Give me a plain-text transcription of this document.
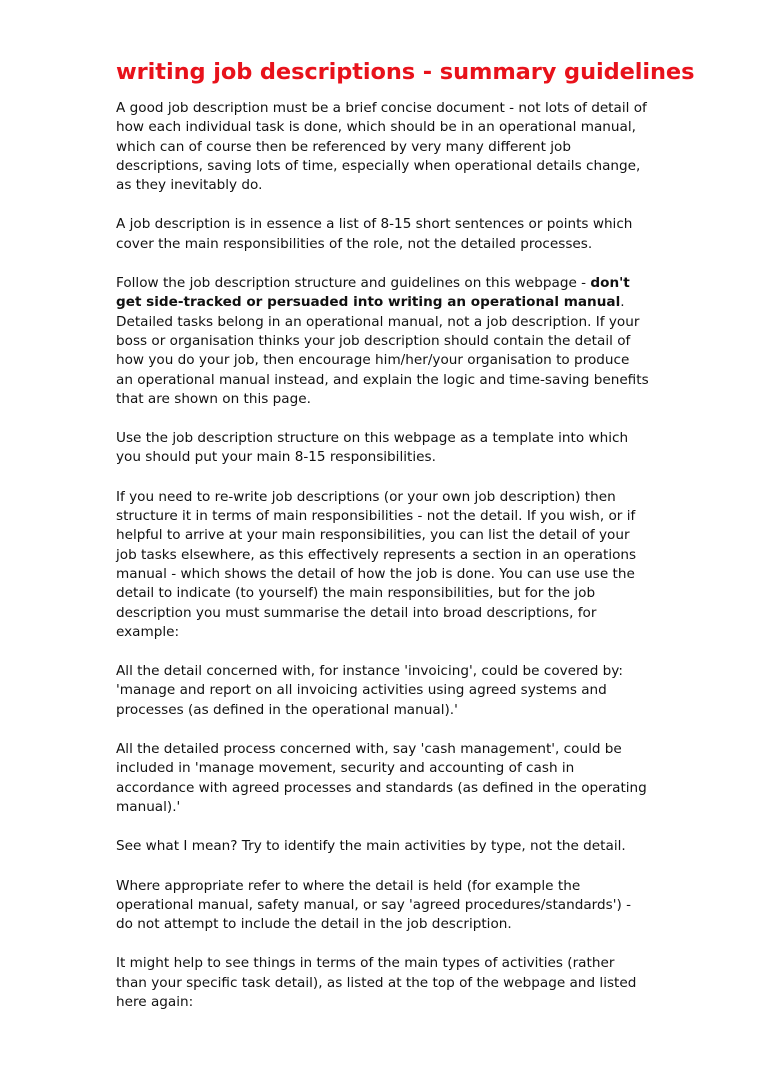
writing job descriptions - summary guidelines

A good job description must be a brief concise document - not lots of detail of
how each individual task is done, which should be in an operational manual,
which can of course then be referenced by very many different job
descriptions, saving lots of time, especially when operational details change,
as they inevitably do.

A job description is in essence a list of 8-15 short sentences or points which
cover the main responsibilities of the role, not the detailed processes.

Follow the job description structure and guidelines on this webpage - don't
get side-tracked or persuaded into writing an operational manual.
Detailed tasks belong in an operational manual, not a job description. If your
boss or organisation thinks your job description should contain the detail of
how you do your job, then encourage him/her/your organisation to produce
an operational manual instead, and explain the logic and time-saving benefits
that are shown on this page.

Use the job description structure on this webpage as a template into which
you should put your main 8-15 responsibilities.

If you need to re-write job descriptions (or your own job description) then
structure it in terms of main responsibilities - not the detail. If you wish, or if
helpful to arrive at your main responsibilities, you can list the detail of your
job tasks elsewhere, as this effectively represents a section in an operations
manual - which shows the detail of how the job is done. You can use use the
detail to indicate (to yourself) the main responsibilities, but for the job
description you must summarise the detail into broad descriptions, for
example:

All the detail concerned with, for instance 'invoicing', could be covered by:
'manage and report on all invoicing activities using agreed systems and
processes (as defined in the operational manual).'

All the detailed process concerned with, say 'cash management', could be
included in 'manage movement, security and accounting of cash in
accordance with agreed processes and standards (as defined in the operating
manual).'

See what I mean? Try to identify the main activities by type, not the detail.

Where appropriate refer to where the detail is held (for example the
operational manual, safety manual, or say 'agreed procedures/standards') -
do not attempt to include the detail in the job description.

It might help to see things in terms of the main types of activities (rather
than your specific task detail), as listed at the top of the webpage and listed
here again:
